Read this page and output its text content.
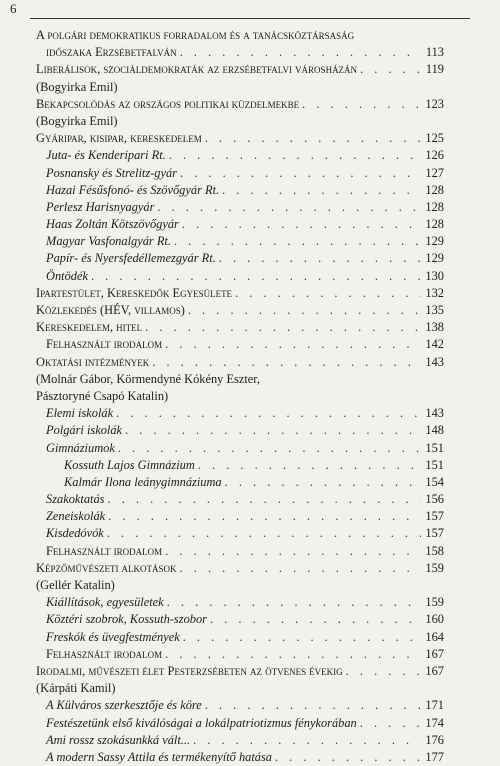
6
A polgári demokratikus forradalom és a tanácsköztársaság
időszaka Erzsébetfalván . . .	113
Liberálisok, szociáldemokraták az erzsébetfalvi városházán . . .	119
(Bogyirka Emil)
Bekapcsolódás az országos politikai küzdelmekbe . . .	123
(Bogyirka Emil)
Gyáripar, kisipar, kereskedelem . . .	125
Juta- és Kenderipari Rt. . . .	126
Posnansky és Strelitz-gyár . . .	127
Hazai Fésűsfonó- és Szövőgyár Rt. . . .	128
Perlesz Harisnyagyár . . .	128
Haas Zoltán Kötszövőgyár . . .	128
Magyar Vasfonalgyár Rt. . . .	129
Papír- és Nyersfedéllemezgyár Rt. . . .	129
Öntödék . . .	130
Ipartestület, Kereskedők Egyesülete . . .	132
Közlekedés (HÉV, villamos) . . .	135
Kereskedelem, hitel . . .	138
Felhasznált irodalom . . .	142
Oktatási intézmények . . .	143
(Molnár Gábor, Körmendyné Kókény Eszter,
Pásztoryné Csapó Katalin)
Elemi iskolák . . .	143
Polgári iskolák . . .	148
Gimnáziumok . . .	151
Kossuth Lajos Gimnázium . . .	151
Kalmár Ilona leánygimnáziuma . . .	154
Szakoktatás . . .	156
Zeneiskolák . . .	157
Kisdedóvók . . .	157
Felhasznált irodalom . . .	158
Képzőművészeti alkotások . . .	159
(Gellér Katalin)
Kiállítások, egyesületek . . .	159
Köztéri szobrok, Kossuth-szobor . . .	160
Freskók és üvegfestmények . . .	164
Felhasznált irodalom . . .	167
Irodalmi, művészeti élet Pesterzsébeten az ötvenes évekig . . .	167
(Kárpáti Kamil)
A Külváros szerkesztője és köre . . .	171
Festészetünk első kiválóságai a lokálpatriotizmus fénykorában . . .	174
Ami rossz szokásunkká vált... . . .	176
A modern Sassy Attila és termékenyítő hatása . . .	177
